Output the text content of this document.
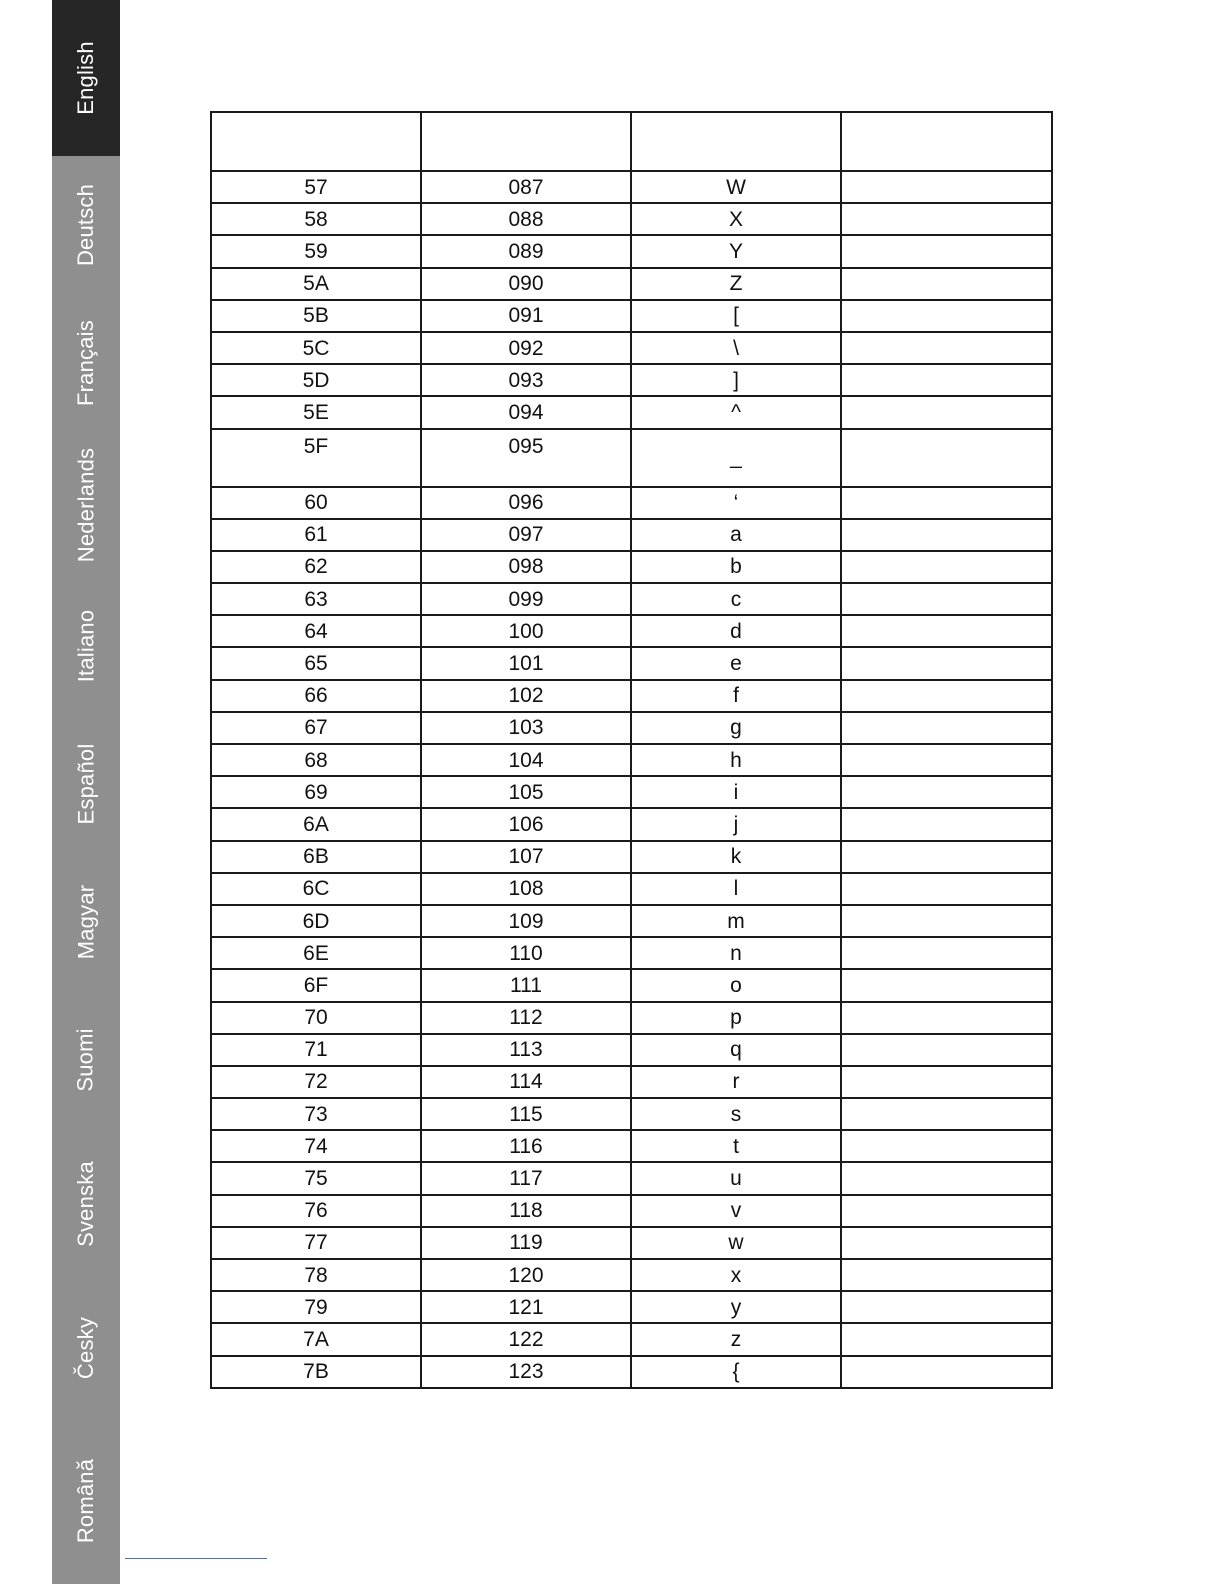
English
Deutsch
Français
Nederlands
Italiano
Español
Magyar
Suomi
Svenska
Česky
Română

57	087	W	
58	088	X	
59	089	Y	
5A	090	Z	
5B	091	[	
5C	092	\	
5D	093	]	
5E	094	^	
5F	095	_	
60	096	‘	
61	097	a	
62	098	b	
63	099	c	
64	100	d	
65	101	e	
66	102	f	
67	103	g	
68	104	h	
69	105	i	
6A	106	j	
6B	107	k	
6C	108	l	
6D	109	m	
6E	110	n	
6F	111	o	
70	112	p	
71	113	q	
72	114	r	
73	115	s	
74	116	t	
75	117	u	
76	118	v	
77	119	w	
78	120	x	
79	121	y	
7A	122	z	
7B	123	{	
